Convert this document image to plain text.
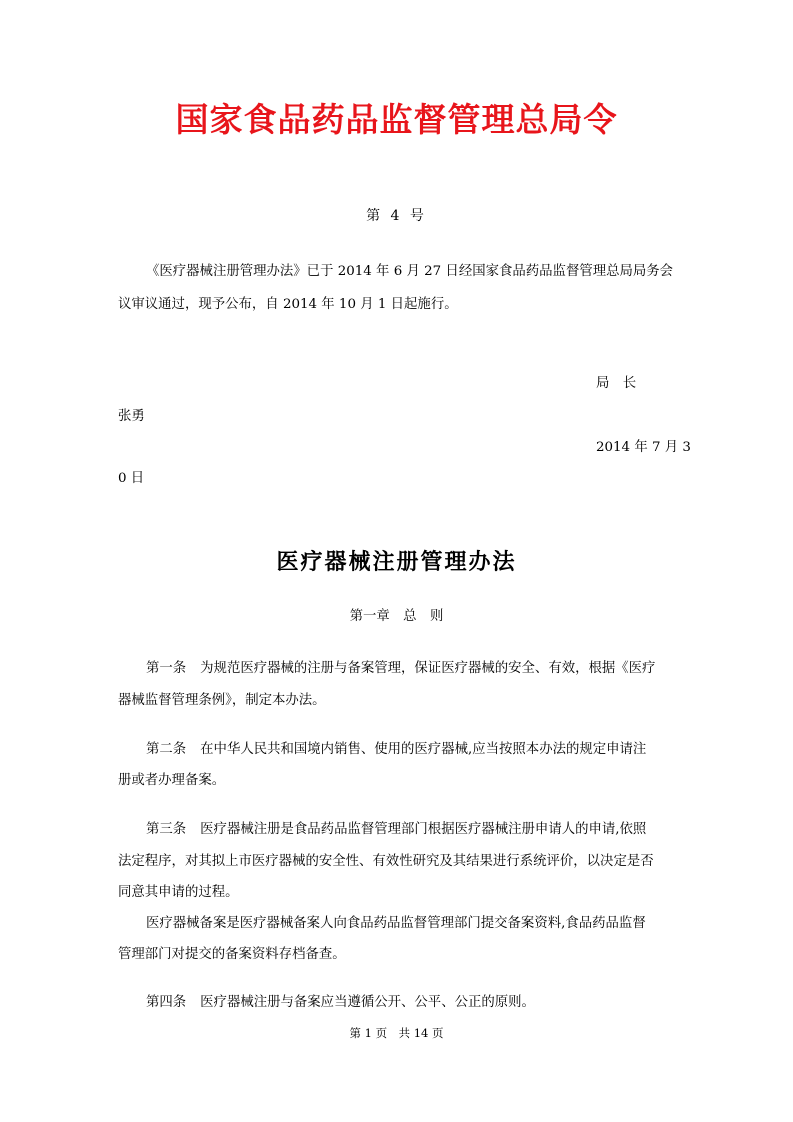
国家食品药品监督管理总局令
第 4 号
《医疗器械注册管理办法》已于 2014 年 6 月 27 日经国家食品药品监督管理总局局务会
议审议通过，现予公布，自 2014 年 10 月 1 日起施行。
局　长
张勇
2014 年 7 月 3
0 日
医疗器械注册管理办法
第一章　总　则
第一条 为规范医疗器械的注册与备案管理，保证医疗器械的安全、有效，根据《医疗
器械监督管理条例》，制定本办法。
第二条 在中华人民共和国境内销售、使用的医疗器械,应当按照本办法的规定申请注
册或者办理备案。
第三条 医疗器械注册是食品药品监督管理部门根据医疗器械注册申请人的申请,依照
法定程序，对其拟上市医疗器械的安全性、有效性研究及其结果进行系统评价，以决定是否
同意其申请的过程。
医疗器械备案是医疗器械备案人向食品药品监督管理部门提交备案资料,食品药品监督
管理部门对提交的备案资料存档备查。
第四条 医疗器械注册与备案应当遵循公开、公平、公正的原则。
第 1 页　共 14 页
